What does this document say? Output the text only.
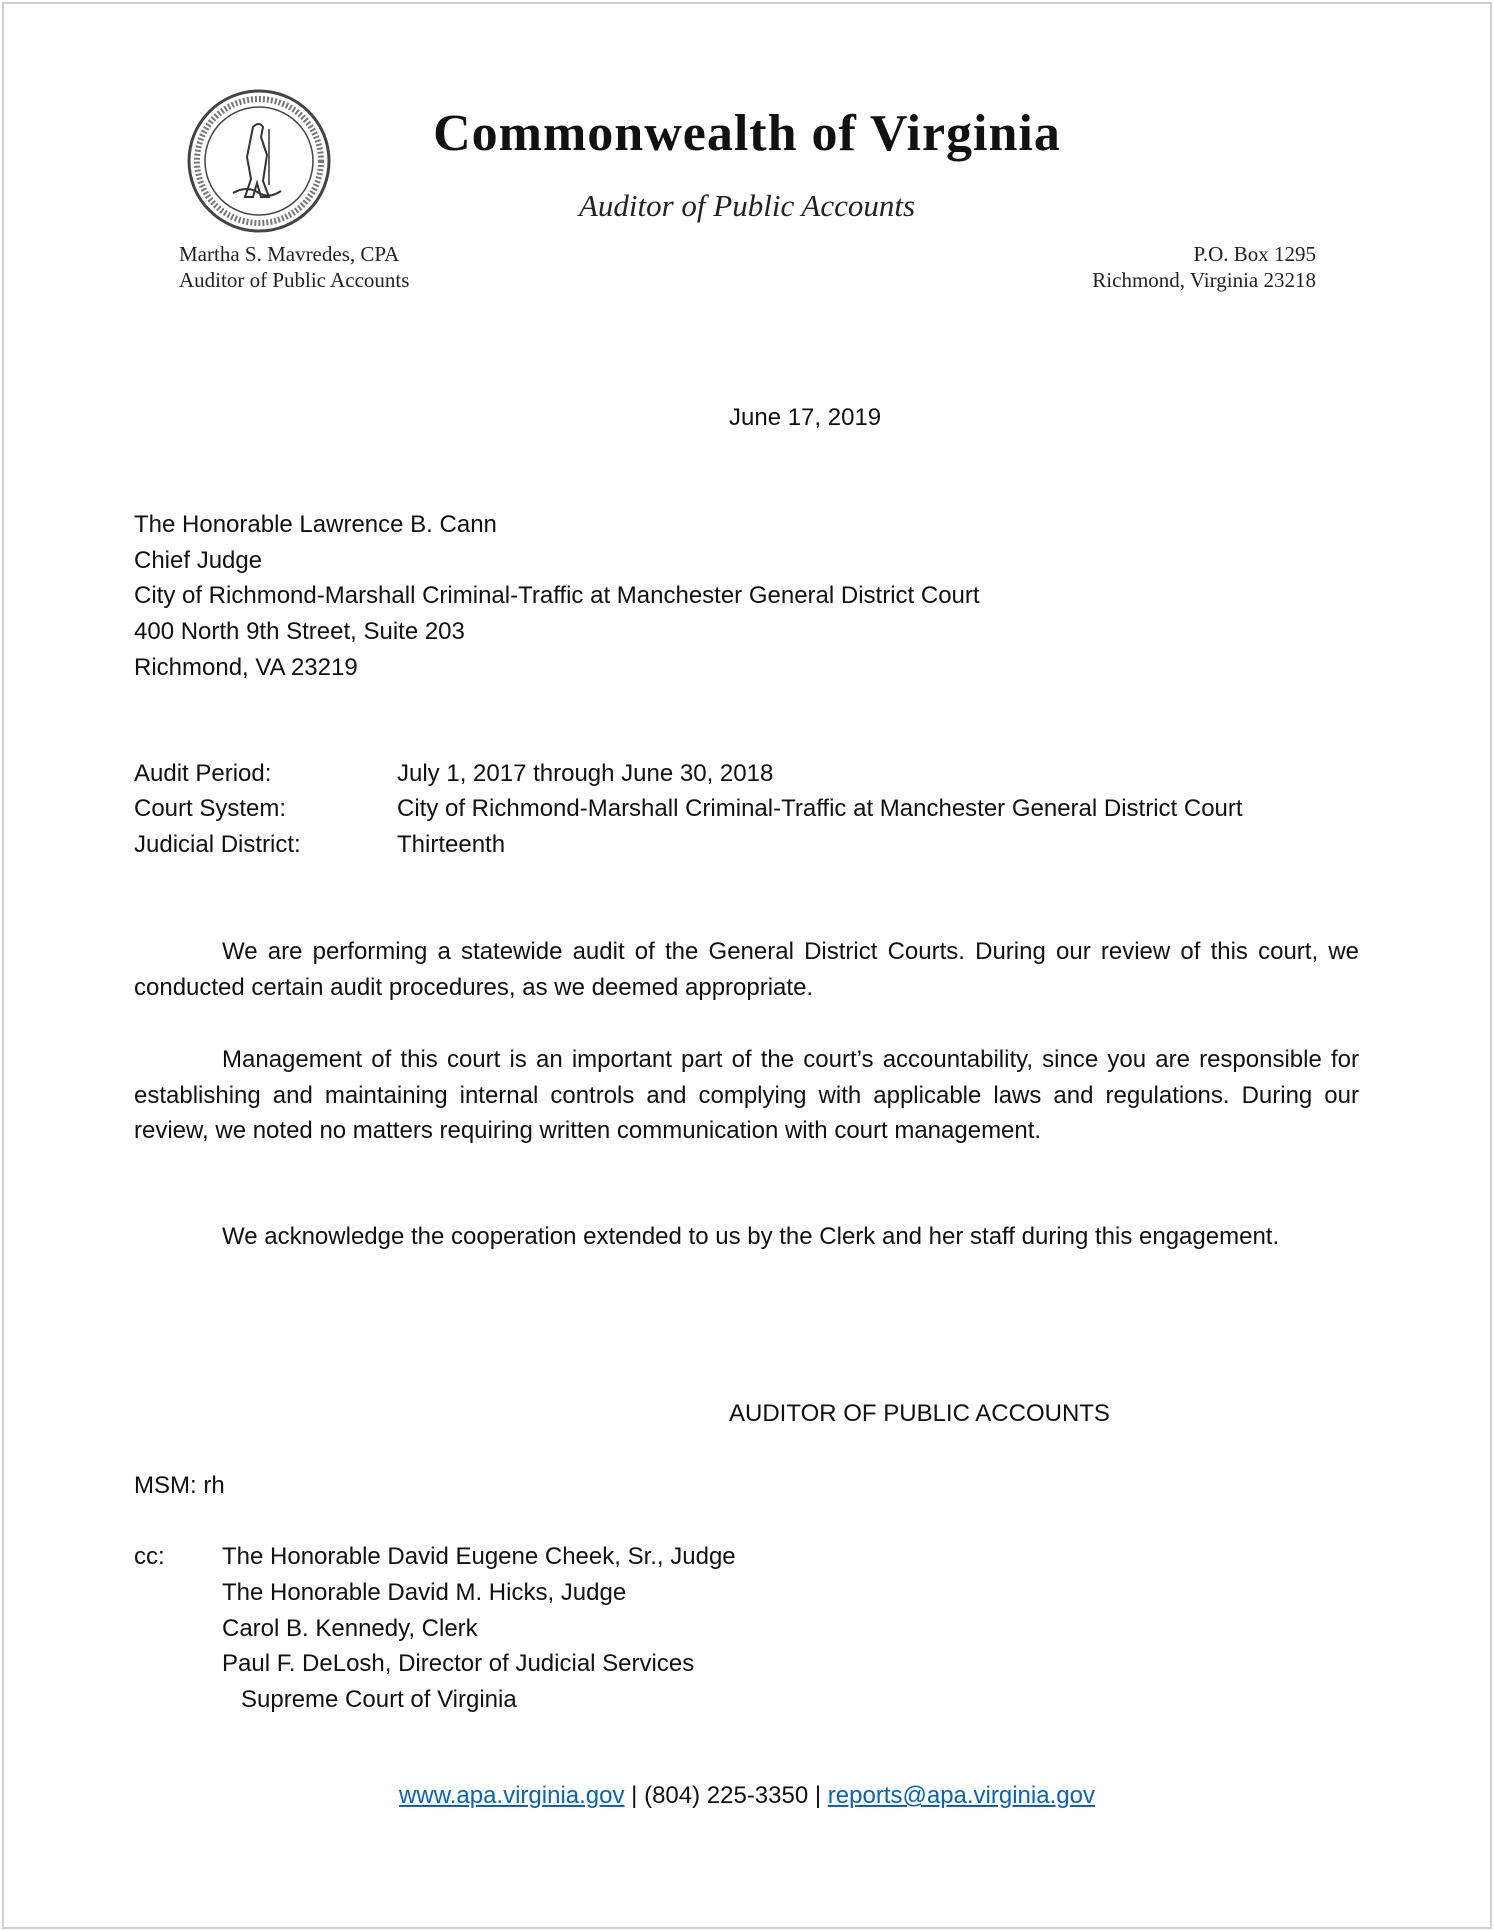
Commonwealth of Virginia
Auditor of Public Accounts
Martha S. Mavredes, CPA
Auditor of Public Accounts
P.O. Box 1295
Richmond, Virginia 23218
June 17, 2019
The Honorable Lawrence B. Cann
Chief Judge
City of Richmond-Marshall Criminal-Traffic at Manchester General District Court
400 North 9th Street, Suite 203
Richmond, VA 23219
Audit Period:	July 1, 2017 through June 30, 2018
Court System:	City of Richmond-Marshall Criminal-Traffic at Manchester General District Court
Judicial District:	Thirteenth
We are performing a statewide audit of the General District Courts. During our review of this court, we conducted certain audit procedures, as we deemed appropriate.
Management of this court is an important part of the court’s accountability, since you are responsible for establishing and maintaining internal controls and complying with applicable laws and regulations. During our review, we noted no matters requiring written communication with court management.
We acknowledge the cooperation extended to us by the Clerk and her staff during this engagement.
AUDITOR OF PUBLIC ACCOUNTS
MSM: rh
cc: The Honorable David Eugene Cheek, Sr., Judge
The Honorable David M. Hicks, Judge
Carol B. Kennedy, Clerk
Paul F. DeLosh, Director of Judicial Services
Supreme Court of Virginia
www.apa.virginia.gov | (804) 225-3350 | reports@apa.virginia.gov
